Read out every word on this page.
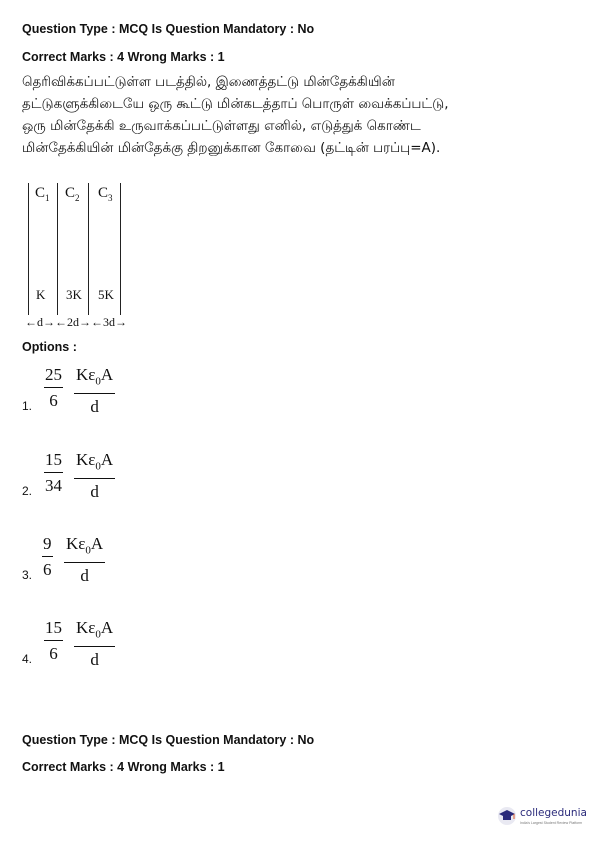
Question Type : MCQ Is Question Mandatory : No

Correct Marks : 4 Wrong Marks : 1

தெரிவிக்கப்பட்டுள்ள படத்தில், இணைத்தட்டு மின்தேக்கியின் தட்டுகளுக்கிடையே ஒரு கூட்டு மின்கடத்தாப் பொருள் வைக்கப்பட்டு, ஒரு மின்தேக்கி உருவாக்கப்பட்டுள்ளது எனில், எடுத்துக் கொண்ட மின்தேக்கியின் மின்தேக்கு திறனுக்கான கோவை (தட்டின் பரப்பு=A).

$C_1$ $C_2$ $C_3$
K 3K 5K
←d→←2d→←3d→

Options :

1. $\frac{25}{6} \frac{K\varepsilon_0A}{d}$
2. $\frac{15}{34} \frac{K\varepsilon_0A}{d}$
3. $\frac{9}{6} \frac{K\varepsilon_0A}{d}$
4. $\frac{15}{6} \frac{K\varepsilon_0A}{d}$

Question Type : MCQ Is Question Mandatory : No

Correct Marks : 4 Wrong Marks : 1

collegedunia
India's Largest Student Review Platform
